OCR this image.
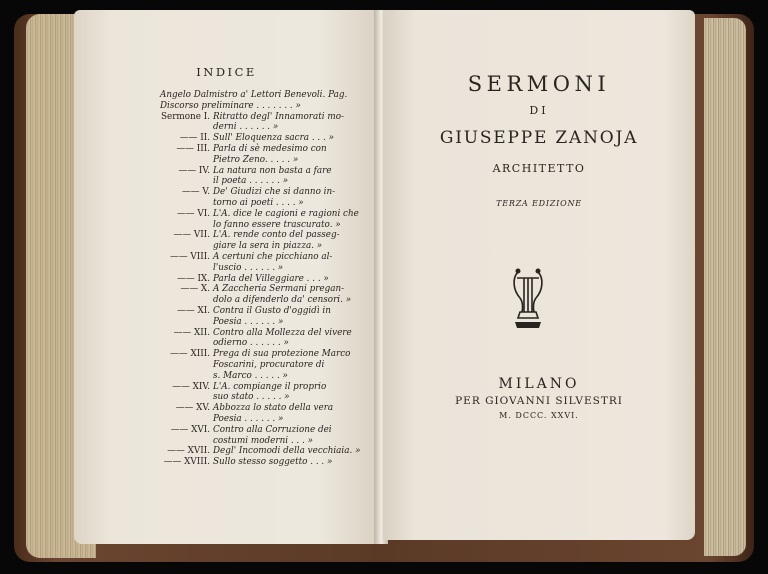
INDICE
Angelo Dalmistro a' Lettori Benevoli. Pag.
Discorso preliminare . . . . . . . »
Sermone I. Ritratto degl' Innamorati mo-
derni . . . . . . »
—— II. Sull' Eloquenza sacra . . . »
—— III. Parla di sè medesimo con
Pietro Zeno. . . . . »
—— IV. La natura non basta a fare
il poeta . . . . . . »
—— V. De' Giudizi che si danno in-
torno ai poeti . . . . »
—— VI. L'A. dice le cagioni e ragioni che
lo fanno essere trascurato. »
—— VII. L'A. rende conto del passeg-
giare la sera in piazza. »
—— VIII. A certuni che picchiano al-
l'uscio . . . . . . »
—— IX. Parla del Villeggiare . . . »
—— X. A Zaccheria Sermani pregan-
dolo a difenderlo da' censori. »
—— XI. Contra il Gusto d'oggidì in
Poesia . . . . . . »
—— XII. Contro alla Mollezza del vivere
odierno . . . . . . »
—— XIII. Prega di sua protezione Marco
Foscarini, procuratore di
s. Marco . . . . . »
—— XIV. L'A. compiange il proprio
suo stato . . . . . »
—— XV. Abbozza lo stato della vera
Poesia . . . . . . »
—— XVI. Contro alla Corruzione dei
costumi moderni . . . »
—— XVII. Degl' Incomodi della vecchiaia. »
—— XVIII. Sullo stesso soggetto . . . »
SERMONI
DI
GIUSEPPE ZANOJA
ARCHITETTO
TERZA EDIZIONE
MILANO
PER GIOVANNI SILVESTRI
M. DCCC. XXVI.
